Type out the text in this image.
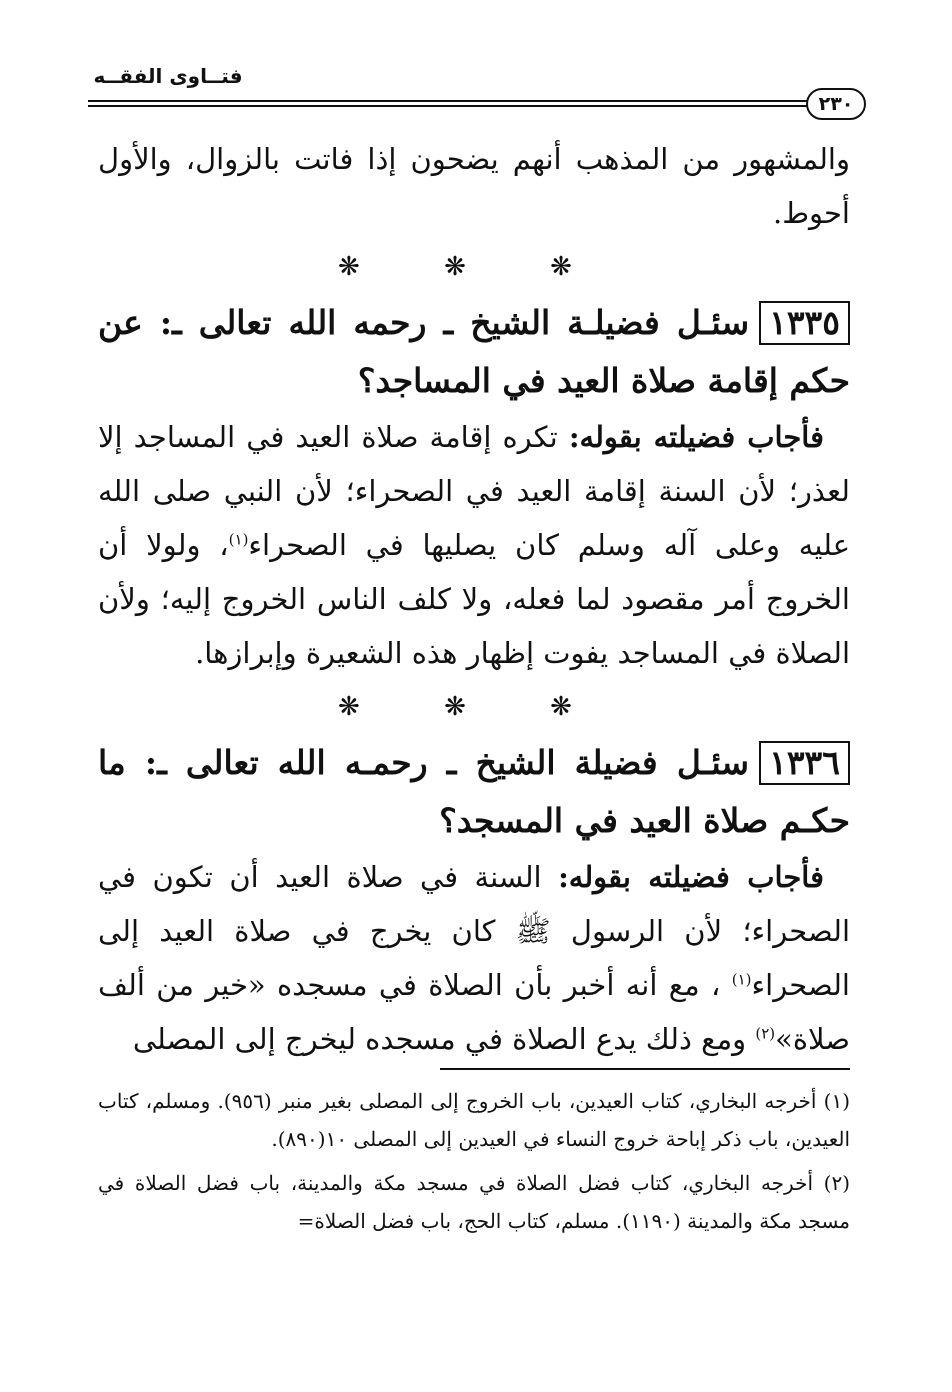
فتــاوى الفقــه
٢٣٠

والمشهور من المذهب أنهم يضحون إذا فاتت بالزوال، والأول أحوط.

❋ ❋ ❋

١٣٣٥سئـل فضيلـة الشيخ ـ رحمه الله تعالى ـ: عن حكم إقامة صلاة العيد في المساجد؟

فأجاب فضيلته بقوله: تكره إقامة صلاة العيد في المساجد إلا لعذر؛ لأن السنة إقامة العيد في الصحراء؛ لأن النبي صلى الله عليه وعلى آله وسلم كان يصليها في الصحراء$^{(١)}$، ولولا أن الخروج أمر مقصود لما فعله، ولا كلف الناس الخروج إليه؛ ولأن الصلاة في المساجد يفوت إظهار هذه الشعيرة وإبرازها.

❋ ❋ ❋

١٣٣٦سئـل فضيلة الشيخ ـ رحمـه الله تعالى ـ: ما حكـم صلاة العيد في المسجد؟

فأجاب فضيلته بقوله: السنة في صلاة العيد أن تكون في الصحراء؛ لأن الرسول ﷺ كان يخرج في صلاة العيد إلى الصحراء$^{(١)}$ ، مع أنه أخبر بأن الصلاة في مسجده «خير من ألف صلاة»$^{(٢)}$ ومع ذلك يدع الصلاة في مسجده ليخرج إلى المصلى

(١) أخرجه البخاري، كتاب العيدين، باب الخروج إلى المصلى بغير منبر (٩٥٦). ومسلم، كتاب العيدين، باب ذكر إباحة خروج النساء في العيدين إلى المصلى ١٠(٨٩٠).

(٢) أخرجه البخاري، كتاب فضل الصلاة في مسجد مكة والمدينة، باب فضل الصلاة في مسجد مكة والمدينة (١١٩٠). مسلم، كتاب الحج، باب فضل الصلاة=
